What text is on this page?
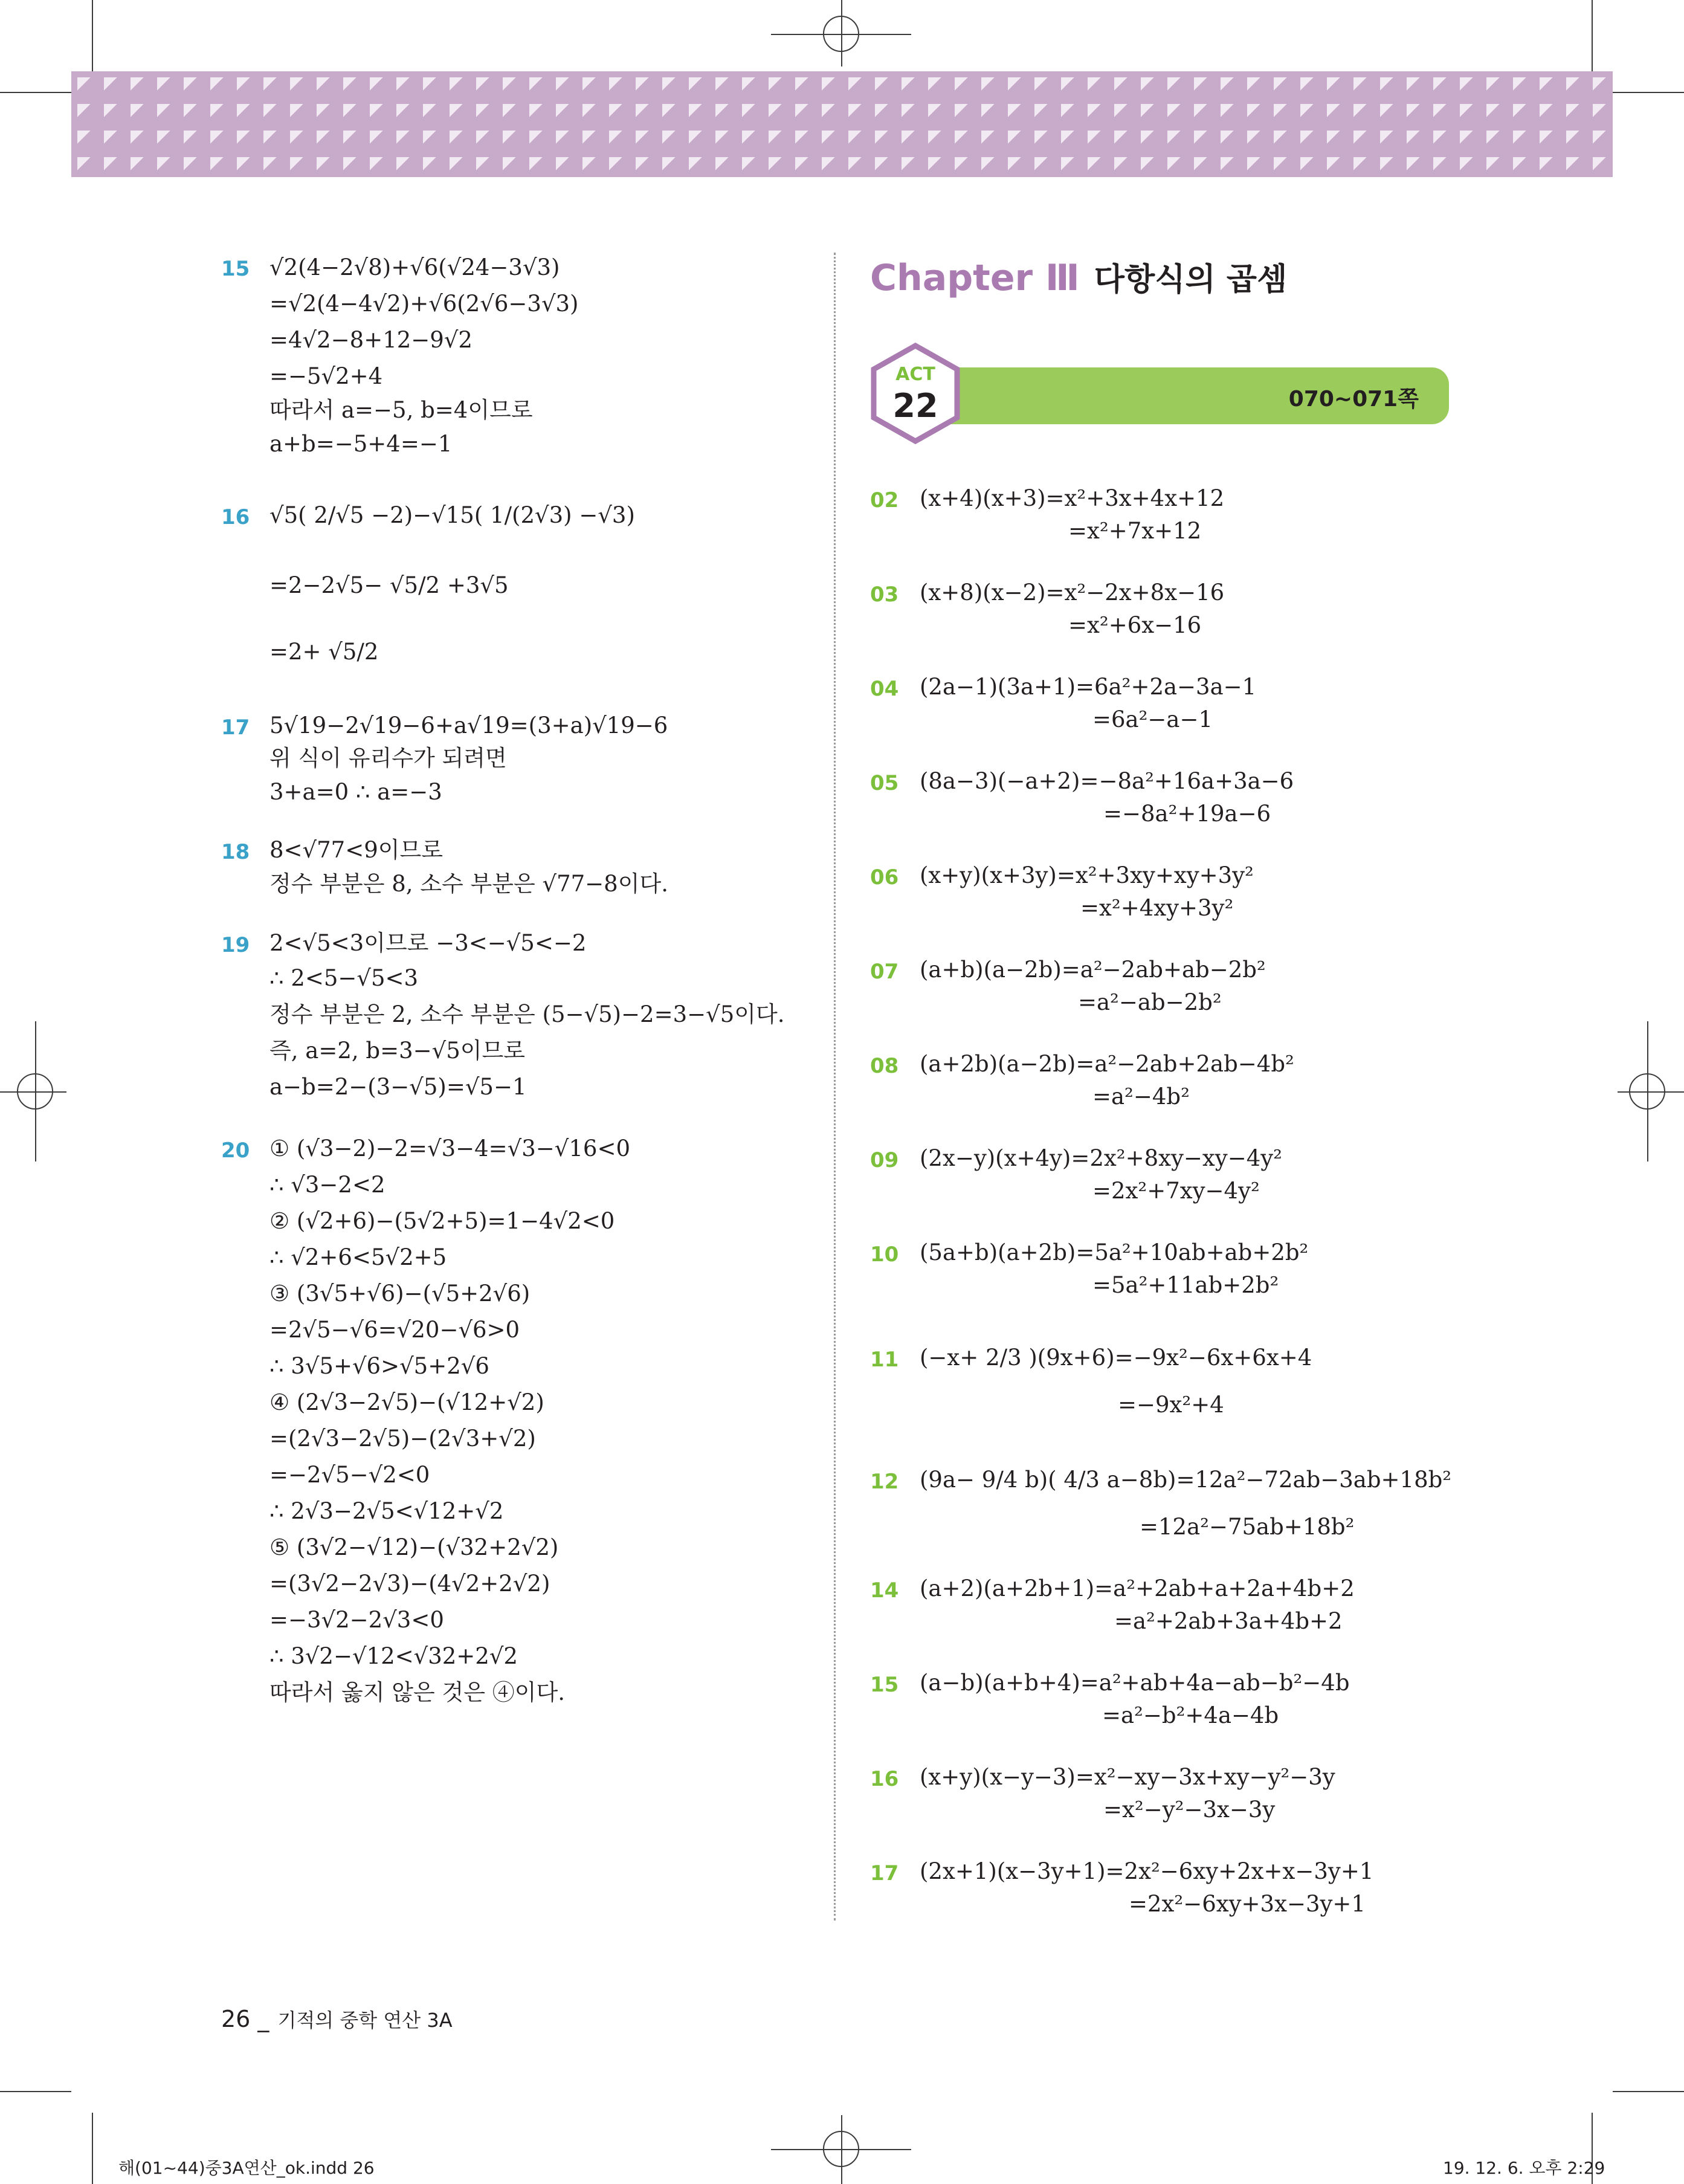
15 √2(4−2√8)+√6(√24−3√3)
=√2(4−4√2)+√6(2√6−3√3)
=4√2−8+12−9√2
=−5√2+4
따라서 a=−5, b=4이므로
a+b=−5+4=−1
16 √5( 2/√5 −2)−√15( 1/(2√3) −√3)
=2−2√5− √5/2 +3√5
=2+ √5/2
17 5√19−2√19−6+a√19=(3+a)√19−6
위 식이 유리수가 되려면
3+a=0 ∴ a=−3
18 8<√77<9이므로
정수 부분은 8, 소수 부분은 √77−8이다.
19 2<√5<3이므로 −3<−√5<−2
∴ 2<5−√5<3
정수 부분은 2, 소수 부분은 (5−√5)−2=3−√5이다.
즉, a=2, b=3−√5이므로
a−b=2−(3−√5)=√5−1
20 ① (√3−2)−2=√3−4=√3−√16<0
∴ √3−2<2
② (√2+6)−(5√2+5)=1−4√2<0
∴ √2+6<5√2+5
③ (3√5+√6)−(√5+2√6)
=2√5−√6=√20−√6>0
∴ 3√5+√6>√5+2√6
④ (2√3−2√5)−(√12+√2)
=(2√3−2√5)−(2√3+√2)
=−2√5−√2<0
∴ 2√3−2√5<√12+√2
⑤ (3√2−√12)−(√32+2√2)
=(3√2−2√3)−(4√2+2√2)
=−3√2−2√3<0
∴ 3√2−√12<√32+2√2
따라서 옳지 않은 것은 ④이다.
Chapter Ⅲ 다항식의 곱셈
070~071쪽
ACT
22
02 (x+4)(x+3)=x²+3x+4x+12
=x²+7x+12
03 (x+8)(x−2)=x²−2x+8x−16
=x²+6x−16
04 (2a−1)(3a+1)=6a²+2a−3a−1
=6a²−a−1
05 (8a−3)(−a+2)=−8a²+16a+3a−6
=−8a²+19a−6
06 (x+y)(x+3y)=x²+3xy+xy+3y²
=x²+4xy+3y²
07 (a+b)(a−2b)=a²−2ab+ab−2b²
=a²−ab−2b²
08 (a+2b)(a−2b)=a²−2ab+2ab−4b²
=a²−4b²
09 (2x−y)(x+4y)=2x²+8xy−xy−4y²
=2x²+7xy−4y²
10 (5a+b)(a+2b)=5a²+10ab+ab+2b²
=5a²+11ab+2b²
11 (−x+ 2/3 )(9x+6)=−9x²−6x+6x+4
=−9x²+4
12 (9a− 9/4 b)( 4/3 a−8b)=12a²−72ab−3ab+18b²
=12a²−75ab+18b²
14 (a+2)(a+2b+1)=a²+2ab+a+2a+4b+2
=a²+2ab+3a+4b+2
15 (a−b)(a+b+4)=a²+ab+4a−ab−b²−4b
=a²−b²+4a−4b
16 (x+y)(x−y−3)=x²−xy−3x+xy−y²−3y
=x²−y²−3x−3y
17 (2x+1)(x−3y+1)=2x²−6xy+2x+x−3y+1
=2x²−6xy+3x−3y+1
26 _ 기적의 중학 연산 3A
해(01~44)중3A연산_ok.indd 26	19. 12. 6. 오후 2:29
